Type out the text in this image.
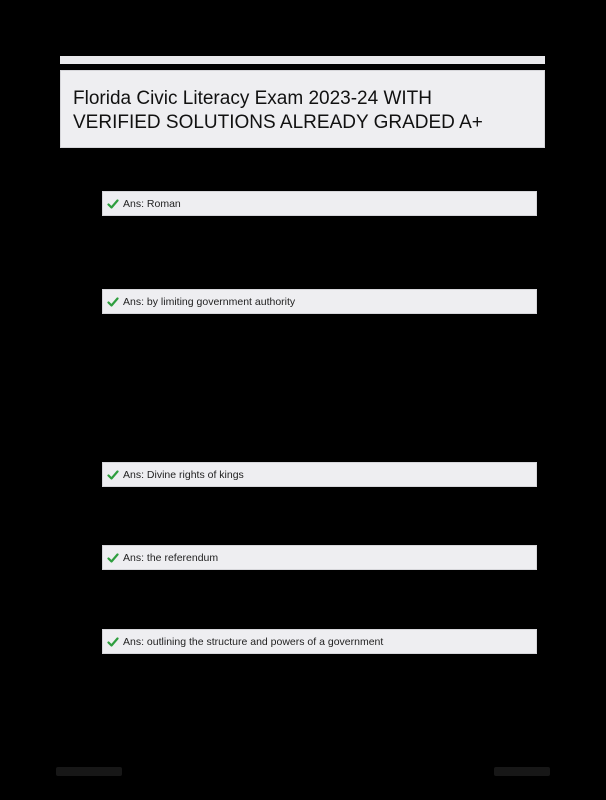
Florida Civic Literacy Exam 2023-24 WITH

VERIFIED SOLUTIONS ALREADY GRADED A+

Ans: Roman
Ans: by limiting government authority
Ans: Divine rights of kings
Ans: the referendum
Ans: outlining the structure and powers of a government
